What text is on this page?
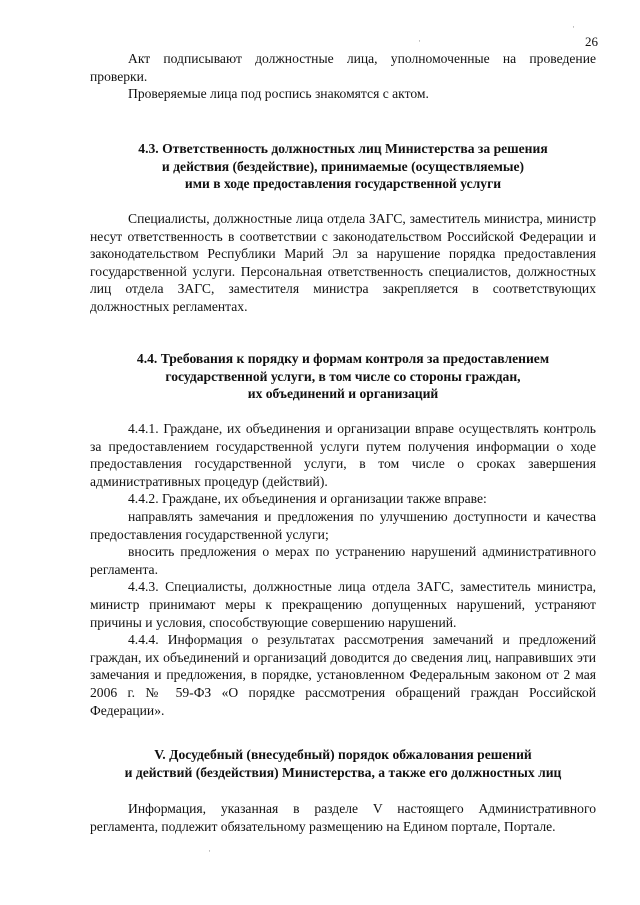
26

Акт подписывают должностные лица, уполномоченные на проведение проверки.

Проверяемые лица под роспись знакомятся с актом.

4.3. Ответственность должностных лиц Министерства за решения
и действия (бездействие), принимаемые (осуществляемые)
ими в ходе предоставления государственной услуги

Специалисты, должностные лица отдела ЗАГС, заместитель министра, министр несут ответственность в соответствии с законодательством Российской Федерации и законодательством Республики Марий Эл за нарушение порядка предоставления государственной услуги. Персональная ответственность специалистов, должностных лиц отдела ЗАГС, заместителя министра закрепляется в соответствующих должностных регламентах.

4.4. Требования к порядку и формам контроля за предоставлением
государственной услуги, в том числе со стороны граждан,
их объединений и организаций

4.4.1. Граждане, их объединения и организации вправе осуществлять контроль за предоставлением государственной услуги путем получения информации о ходе предоставления государственной услуги, в том числе о сроках завершения административных процедур (действий).

4.4.2. Граждане, их объединения и организации также вправе:

направлять замечания и предложения по улучшению доступности и качества предоставления государственной услуги;

вносить предложения о мерах по устранению нарушений административного регламента.

4.4.3. Специалисты, должностные лица отдела ЗАГС, заместитель министра, министр принимают меры к прекращению допущенных нарушений, устраняют причины и условия, способствующие совершению нарушений.

4.4.4. Информация о результатах рассмотрения замечаний и предложений граждан, их объединений и организаций доводится до сведения лиц, направивших эти замечания и предложения, в порядке, установленном Федеральным законом от 2 мая 2006 г. № 59-ФЗ «О порядке рассмотрения обращений граждан Российской Федерации».

V. Досудебный (внесудебный) порядок обжалования решений
и действий (бездействия) Министерства, а также его должностных лиц

Информация, указанная в разделе V настоящего Административного регламента, подлежит обязательному размещению на Едином портале, Портале.

·
·
·
